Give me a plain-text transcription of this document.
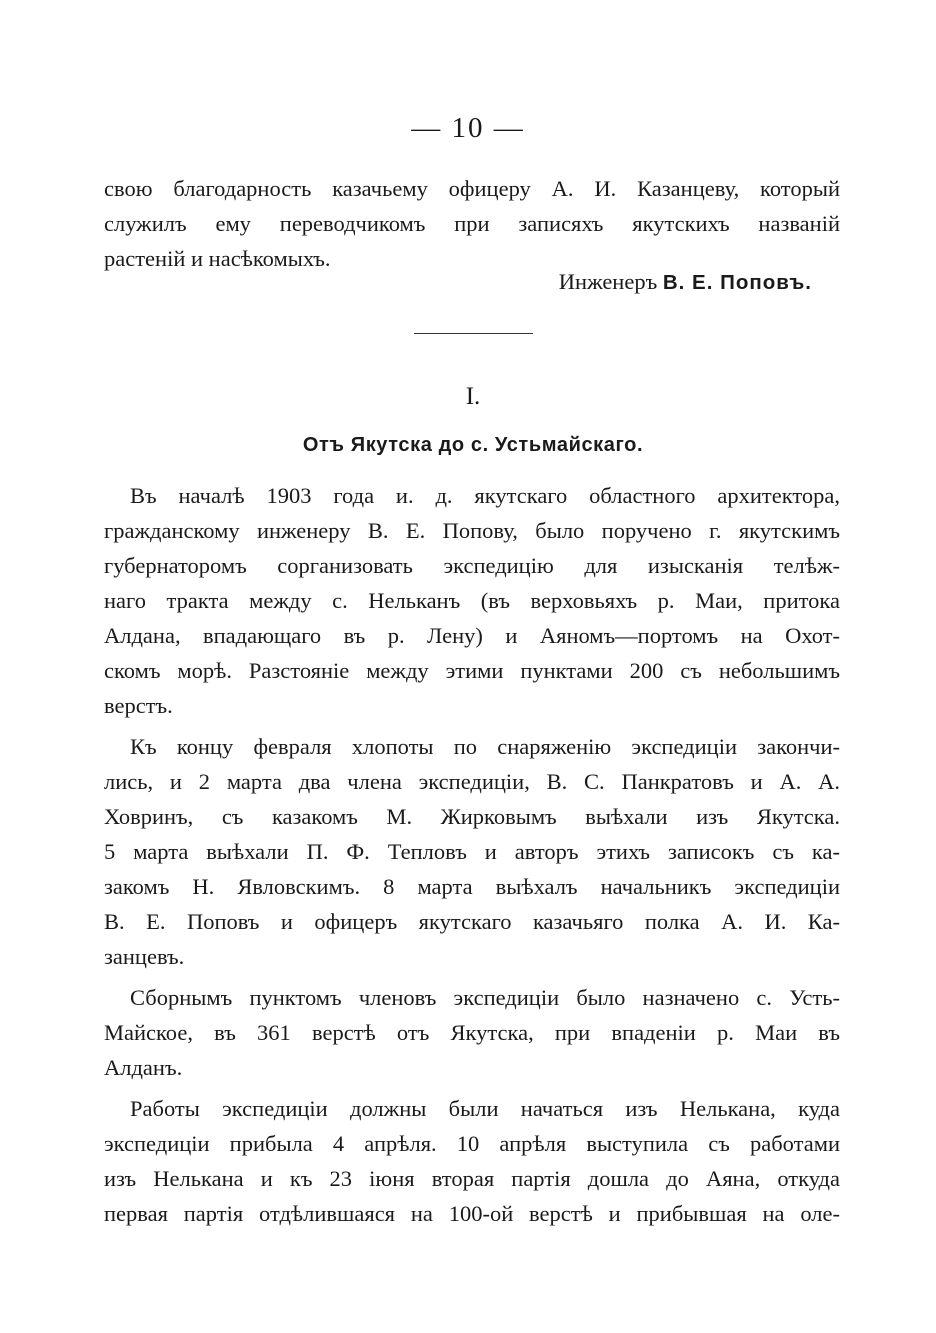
— 10 —
свою благодарность казачьему офицеру А. И. Казанцеву, который
служилъ ему переводчикомъ при записяхъ якутскихъ названій
растеній и насѣкомыхъ.
Инженеръ В. Е. Поповъ.
I.
Отъ Якутска до с. Устьмайскаго.
Въ началѣ 1903 года и. д. якутскаго областного архитектора,
гражданскому инженеру В. Е. Попову, было поручено г. якутскимъ
губернаторомъ сорганизовать экспедицію для изысканія телѣж-
наго тракта между с. Нельканъ (въ верховьяхъ р. Маи, притока
Алдана, впадающаго въ р. Лену) и Аяномъ—портомъ на Охот-
скомъ морѣ. Разстояніе между этими пунктами 200 съ небольшимъ
верстъ.
Къ концу февраля хлопоты по снаряженію экспедиціи закончи-
лись, и 2 марта два члена экспедиціи, В. С. Панкратовъ и А. А.
Ховринъ, съ казакомъ М. Жирковымъ выѣхали изъ Якутска.
5 марта выѣхали П. Ф. Тепловъ и авторъ этихъ записокъ съ ка-
закомъ Н. Явловскимъ. 8 марта выѣхалъ начальникъ экспедиціи
В. Е. Поповъ и офицеръ якутскаго казачьяго полка А. И. Ка-
занцевъ.
Сборнымъ пунктомъ членовъ экспедиціи было назначено с. Усть-
Майское, въ 361 верстѣ отъ Якутска, при впаденіи р. Маи въ
Алданъ.
Работы экспедиціи должны были начаться изъ Нелькана, куда
экспедиціи прибыла 4 апрѣля. 10 апрѣля выступила съ работами
изъ Нелькана и къ 23 іюня вторая партія дошла до Аяна, откуда
первая партія отдѣлившаяся на 100-ой верстѣ и прибывшая на оле-
